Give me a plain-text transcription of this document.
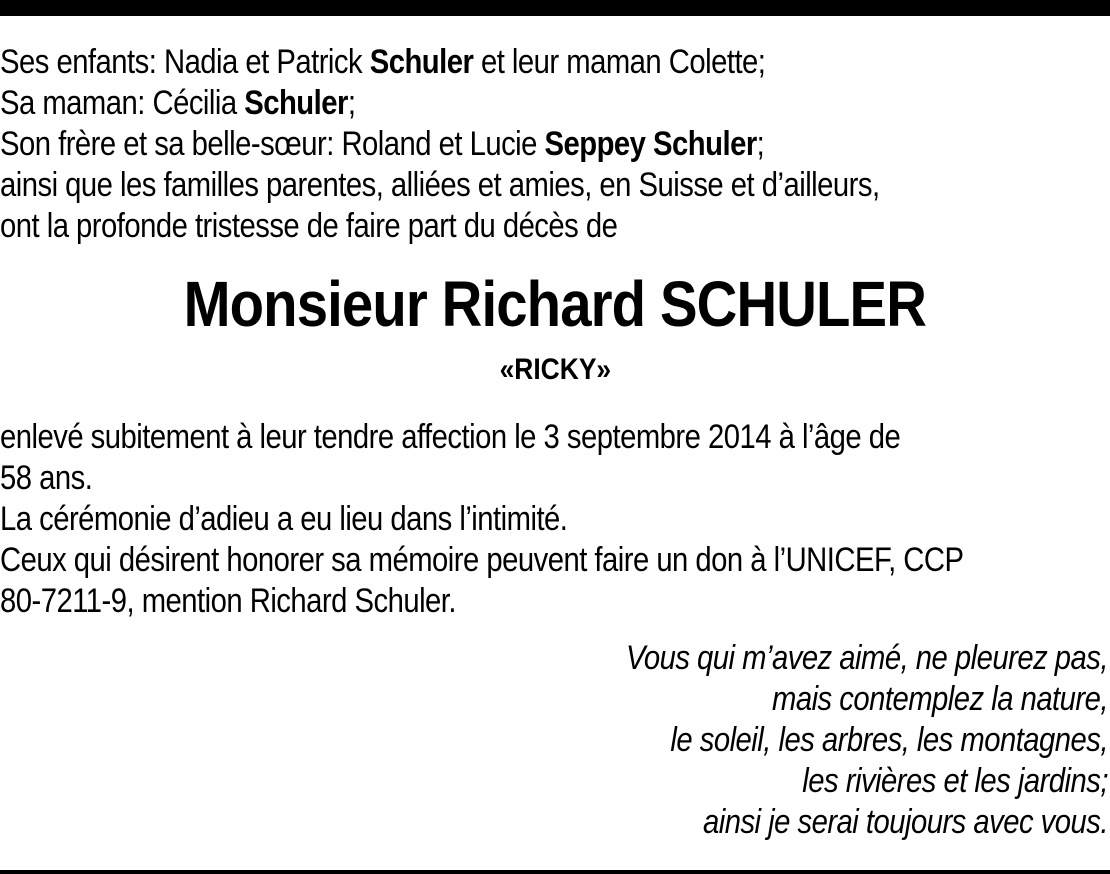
Ses enfants: Nadia et Patrick Schuler et leur maman Colette;
Sa maman: Cécilia Schuler;
Son frère et sa belle-sœur: Roland et Lucie Seppey Schuler;
ainsi que les familles parentes, alliées et amies, en Suisse et d’ailleurs,
ont la profonde tristesse de faire part du décès de
Monsieur Richard SCHULER
«RICKY»
enlevé subitement à leur tendre affection le 3 septembre 2014 à l’âge de
58 ans.
La cérémonie d’adieu a eu lieu dans l’intimité.
Ceux qui désirent honorer sa mémoire peuvent faire un don à l’UNICEF, CCP
80-7211-9, mention Richard Schuler.
Vous qui m’avez aimé, ne pleurez pas,
mais contemplez la nature,
le soleil, les arbres, les montagnes,
les rivières et les jardins;
ainsi je serai toujours avec vous.
